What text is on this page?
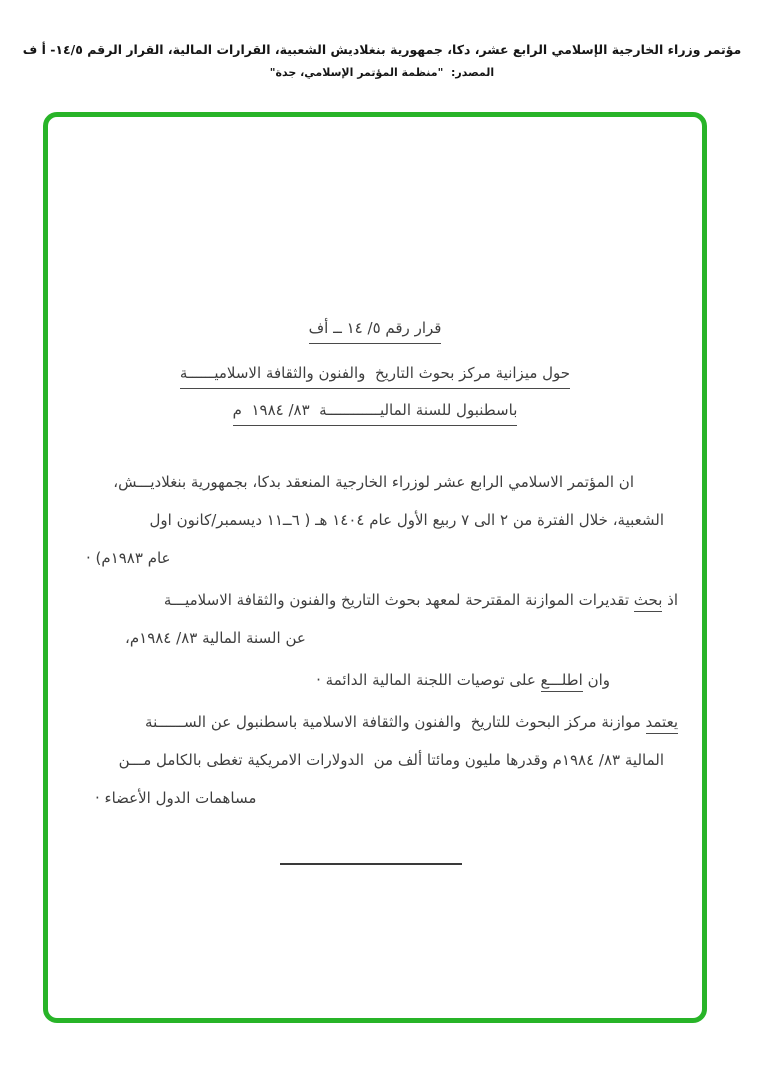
مؤتمر وزراء الخارجية الإسلامي الرابع عشر، دكا، جمهورية بنغلاديش الشعبية، القرارات المالية، القرار الرقم ١٤/٥- أ ف
المصدر:  "منظمة المؤتمر الإسلامي، جدة"
قرار رقم ٥/ ١٤ ــ أف
حول ميزانية مركز بحوث التاريخ  والفنون والثقافة الاسلاميــــــة
باسطنبول للسنة الماليــــــــــــة  ٨٣/ ١٩٨٤  م
ان المؤتمر الاسلامي الرابع عشر لوزراء الخارجية المنعقد بدكا، بجمهورية بنغلاديـــش،
الشعبية، خلال الفترة من ٢ الى ٧ ربيع الأول عام ١٤٠٤ هـ ( ٦ــ١١ ديسمبر/كانون اول
عام ١٩٨٣م) ·
اذ بحث تقديرات الموازنة المقترحة لمعهد بحوث التاريخ والفنون والثقافة الاسلاميـــة
عن السنة المالية ٨٣/ ١٩٨٤م،
وان اطلـــع على توصيات اللجنة المالية الدائمة ·
يعتمد موازنة مركز البحوث للتاريخ  والفنون والثقافة الاسلامية باسطنبول عن الســــــنة
المالية ٨٣/ ١٩٨٤م وقدرها مليون ومائتا ألف من  الدولارات الامريكية تغطى بالكامل مـــن
مساهمات الدول الأعضاء ·
